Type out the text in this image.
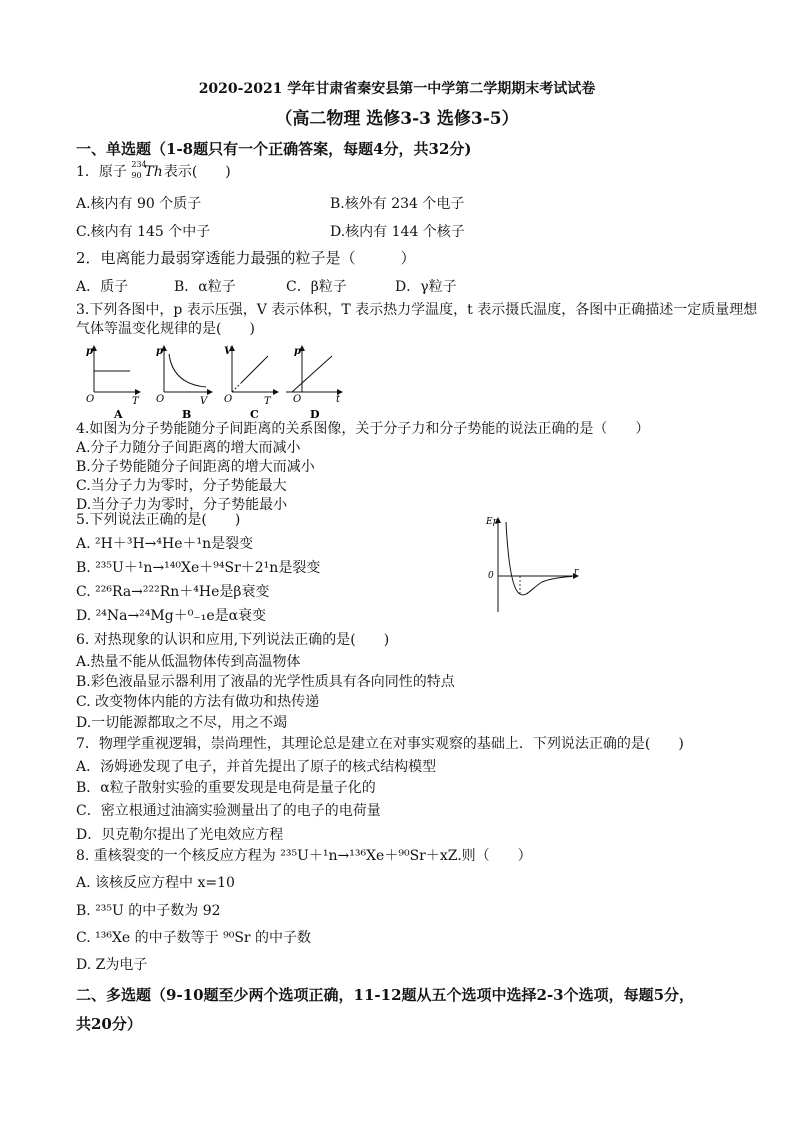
2020-2021 学年甘肃省秦安县第一中学第二学期期末考试试卷
（高二物理 选修3-3 选修3-5）
一、单选题（1-8题只有一个正确答案，每题4分，共32分)
1．原子 234
90 Th 表示(　　)
A.核内有 90 个质子	B.核外有 234 个电子
C.核内有 145 个中子	D.核内有 144 个核子
2．电离能力最弱穿透能力最强的粒子是（　　　）
A．质子	B．α粒子	C．β粒子	D．γ粒子
3.下列各图中，p 表示压强，V 表示体积，T 表示热力学温度，t 表示摄氏温度，各图中正确描述一定质量理想
气体等温变化规律的是(　　)
p
O	T
A
p
O	V
B
V
O	T
C
p
O	t
D
4.如图为分子势能随分子间距离的关系图像，关于分子力和分子势能的说法正确的是（　　）
A.分子力随分子间距离的增大而减小
B.分子势能随分子间距离的增大而减小
C.当分子力为零时，分子势能最大
D.当分子力为零时，分子势能最小
Ep
0	r
5.下列说法正确的是(　　)
A. ²H＋³H→⁴He＋¹n是裂变
B. ²³⁵U＋¹n→¹⁴⁰Xe＋⁹⁴Sr＋2¹n是裂变
C. ²²⁶Ra→²²²Rn＋⁴He是β衰变
D. ²⁴Na→²⁴Mg＋⁰₋₁e是α衰变
6. 对热现象的认识和应用,下列说法正确的是(　　)
A.热量不能从低温物体传到高温物体
B.彩色液晶显示器利用了液晶的光学性质具有各向同性的特点
C. 改变物体内能的方法有做功和热传递
D.一切能源都取之不尽，用之不竭
7．物理学重视逻辑，崇尚理性，其理论总是建立在对事实观察的基础上．下列说法正确的是(　　)
A．汤姆逊发现了电子，并首先提出了原子的核式结构模型
B．α粒子散射实验的重要发现是电荷是量子化的
C．密立根通过油滴实验测量出了的电子的电荷量
D．贝克勒尔提出了光电效应方程
8. 重核裂变的一个核反应方程为 ²³⁵U＋¹n→¹³⁶Xe＋⁹⁰Sr＋xZ.则（　　）
A. 该核反应方程中 x=10
B. ²³⁵U 的中子数为 92
C. ¹³⁶Xe 的中子数等于 ⁹⁰Sr 的中子数
D. Z为电子
二、多选题（9-10题至少两个选项正确，11-12题从五个选项中选择2-3个选项，每题5分，
共20分）
